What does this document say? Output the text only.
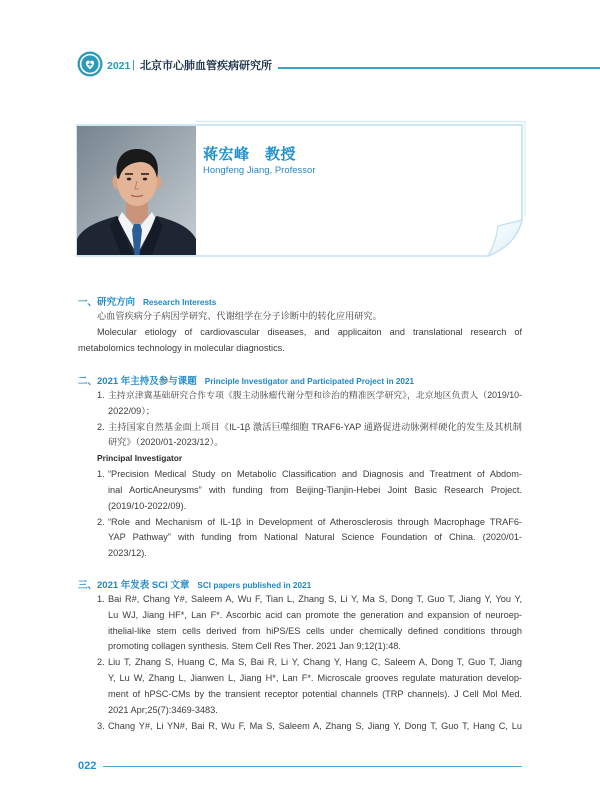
2021 | 北京市心肺血管疾病研究所
蒋宏峰　教授
Hongfeng Jiang, Professor
一、研究方向 Research Interests
心血管疾病分子病因学研究、代谢组学在分子诊断中的转化应用研究。
Molecular etiology of cardiovascular diseases, and applicaiton and translational research of
metabolomics technology in molecular diagnostics.
二、2021 年主持及参与课题 Principle Investigator and Participated Project in 2021
1. 主持京津冀基础研究合作专项《腹主动脉瘤代谢分型和诊治的精准医学研究》，北京地区负责人（2019/10-
2022/09）；
2. 主持国家自然基金面上项目《IL-1β 激活巨噬细胞 TRAF6-YAP 通路促进动脉粥样硬化的发生及其机制
研究》（2020/01-2023/12）。
Principal Investigator
1. “Precision Medical Study on Metabolic Classification and Diagnosis and Treatment of Abdom-
inal AorticAneurysms” with funding from Beijing-Tianjin-Hebei Joint Basic Research Project.
(2019/10-2022/09).
2. “Role and Mechanism of IL-1β in Development of Atherosclerosis through Macrophage TRAF6-
YAP Pathway” with funding from National Natural Science Foundation of China. (2020/01-
2023/12).
三、2021 年发表 SCI 文章 SCI papers published in 2021
1. Bai R#, Chang Y#, Saleem A, Wu F, Tian L, Zhang S, Li Y, Ma S, Dong T, Guo T, Jiang Y, You Y,
Lu WJ, Jiang HF*, Lan F*. Ascorbic acid can promote the generation and expansion of neuroep-
ithelial-like stem cells derived from hiPS/ES cells under chemically defined conditions through
promoting collagen synthesis. Stem Cell Res Ther. 2021 Jan 9;12(1):48.
2. Liu T, Zhang S, Huang C, Ma S, Bai R, Li Y, Chang Y, Hang C, Saleem A, Dong T, Guo T, Jiang
Y, Lu W, Zhang L, Jianwen L, Jiang H*, Lan F*. Microscale grooves regulate maturation develop-
ment of hPSC-CMs by the transient receptor potential channels (TRP channels). J Cell Mol Med.
2021 Apr;25(7):3469-3483.
3. Chang Y#, Li YN#, Bai R, Wu F, Ma S, Saleem A, Zhang S, Jiang Y, Dong T, Guo T, Hang C, Lu
022
